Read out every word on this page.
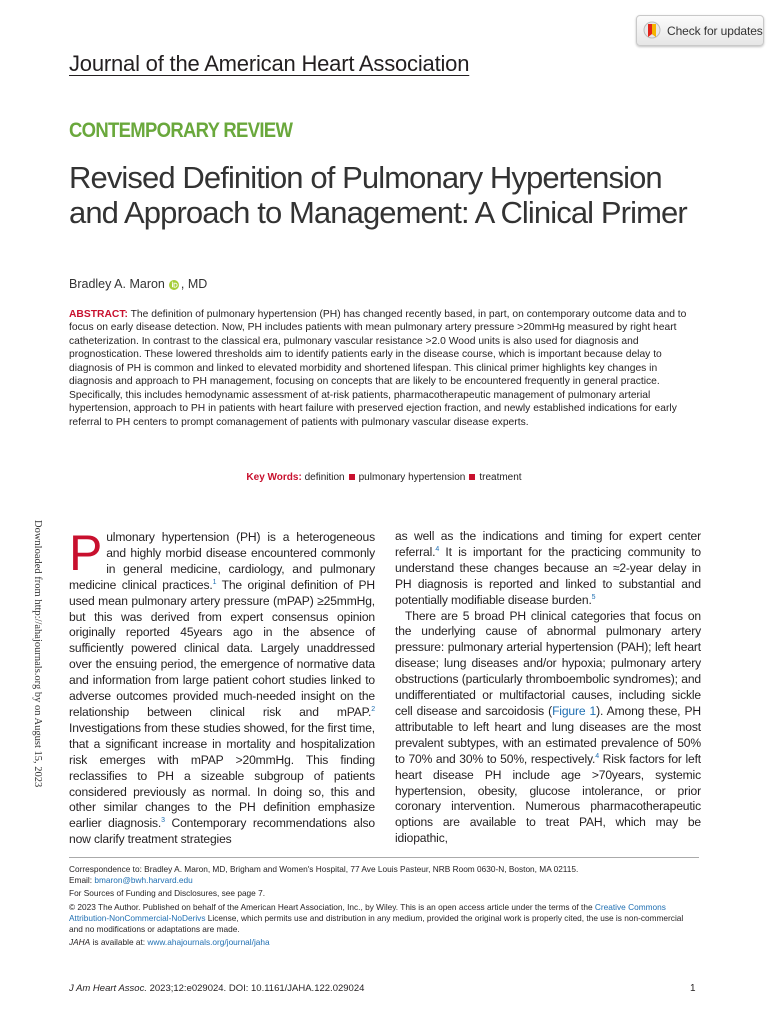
Check for updates
Downloaded from http://ahajournals.org by on August 15, 2023
Journal of the American Heart Association
CONTEMPORARY REVIEW
Revised Definition of Pulmonary Hypertension and Approach to Management: A Clinical Primer
Bradley A. Maron , MD
ABSTRACT: The definition of pulmonary hypertension (PH) has changed recently based, in part, on contemporary outcome data and to focus on early disease detection. Now, PH includes patients with mean pulmonary artery pressure >20mmHg measured by right heart catheterization. In contrast to the classical era, pulmonary vascular resistance >2.0 Wood units is also used for diagnosis and prognostication. These lowered thresholds aim to identify patients early in the disease course, which is important because delay to diagnosis of PH is common and linked to elevated morbidity and shortened lifespan. This clinical primer highlights key changes in diagnosis and approach to PH management, focusing on concepts that are likely to be encountered frequently in general practice. Specifically, this includes hemodynamic assessment of at-risk patients, pharmacotherapeutic management of pulmonary arterial hypertension, approach to PH in patients with heart failure with preserved ejection fraction, and newly established indications for early referral to PH centers to prompt comanagement of patients with pulmonary vascular disease experts.
Key Words: definition pulmonary hypertension treatment

Pulmonary hypertension (PH) is a heterogeneous and highly morbid disease encountered commonly in general medicine, cardiology, and pulmonary medicine clinical practices.$^1$ The original definition of PH used mean pulmonary artery pressure (mPAP) ≥25mmHg, but this was derived from expert consensus opinion originally reported 45years ago in the absence of sufficiently powered clinical data. Largely unaddressed over the ensuing period, the emergence of normative data and information from large patient cohort studies linked to adverse outcomes provided much-needed insight on the relationship between clinical risk and mPAP.$^2$ Investigations from these studies showed, for the first time, that a significant increase in mortality and hospitalization risk emerges with mPAP >20mmHg. This finding reclassifies to PH a sizeable subgroup of patients considered previously as normal. In doing so, this and other similar changes to the PH definition emphasize earlier diagnosis.$^3$ Contemporary recommendations also now clarify treatment strategies

as well as the indications and timing for expert center referral.$^4$ It is important for the practicing community to understand these changes because an ≈2-year delay in PH diagnosis is reported and linked to substantial and potentially modifiable disease burden.$^5$

There are 5 broad PH clinical categories that focus on the underlying cause of abnormal pulmonary artery pressure: pulmonary arterial hypertension (PAH); left heart disease; lung diseases and/or hypoxia; pulmonary artery obstructions (particularly thromboembolic syndromes); and undifferentiated or multifactorial causes, including sickle cell disease and sarcoidosis (Figure 1). Among these, PH attributable to left heart and lung diseases are the most prevalent subtypes, with an estimated prevalence of 50% to 70% and 30% to 50%, respectively.$^4$ Risk factors for left heart disease PH include age >70years, systemic hypertension, obesity, glucose intolerance, or prior coronary intervention. Numerous pharmacotherapeutic options are available to treat PAH, which may be idiopathic,

Correspondence to: Bradley A. Maron, MD, Brigham and Women's Hospital, 77 Ave Louis Pasteur, NRB Room 0630-N, Boston, MA 02115.
Email: bmaron@bwh.harvard.edu
For Sources of Funding and Disclosures, see page 7.
© 2023 The Author. Published on behalf of the American Heart Association, Inc., by Wiley. This is an open access article under the terms of the Creative Commons Attribution-NonCommercial-NoDerivs License, which permits use and distribution in any medium, provided the original work is properly cited, the use is non-commercial and no modifications or adaptations are made.
JAHA is available at: www.ahajournals.org/journal/jaha
J Am Heart Assoc. 2023;12:e029024. DOI: 10.1161/JAHA.122.029024	1
